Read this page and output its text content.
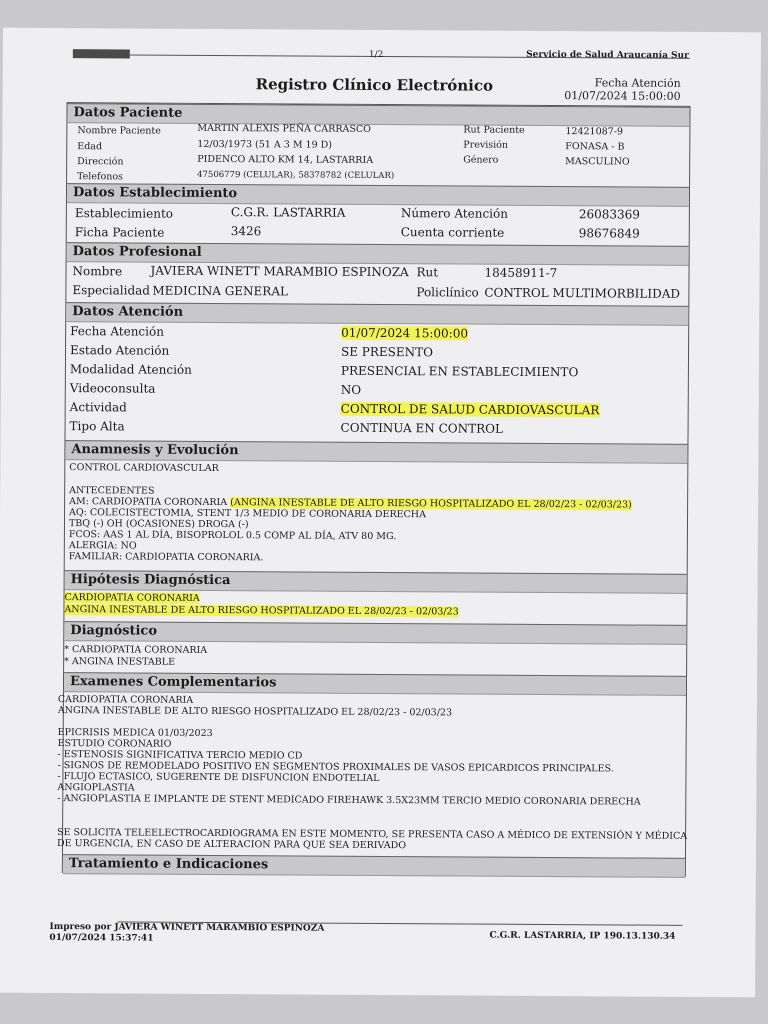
1/2	Servicio de Salud Araucanía Sur
Registro Clínico Electrónico	Fecha Atención
01/07/2024 15:00:00
Datos Paciente
Nombre Paciente	MARTIN ALEXIS PEÑA CARRASCO
Edad	12/03/1973 (51 A 3 M 19 D)
Dirección	PIDENCO ALTO KM 14, LASTARRIA
Telefonos	47506779 (CELULAR), 58378782 (CELULAR)
Rut Paciente	12421087-9
Previsión	FONASA - B
Género	MASCULINO
Datos Establecimiento
Establecimiento	C.G.R. LASTARRIA
Ficha Paciente	3426
Número Atención	26083369
Cuenta corriente	98676849
Datos Profesional
Nombre JAVIERA WINETT MARAMBIO ESPINOZA Rut	18458911-7
Especialidad MEDICINA GENERAL	Policlínico CONTROL MULTIMORBILIDAD
Datos Atención
Fecha Atención	01/07/2024 15:00:00
Estado Atención	SE PRESENTO
Modalidad Atención	PRESENCIAL EN ESTABLECIMIENTO
Videoconsulta	NO
Actividad	CONTROL DE SALUD CARDIOVASCULAR
Tipo Alta	CONTINUA EN CONTROL
Anamnesis y Evolución
CONTROL CARDIOVASCULAR
ANTECEDENTES
AM: CARDIOPATIA CORONARIA (ANGINA INESTABLE DE ALTO RIESGO HOSPITALIZADO EL 28/02/23 - 02/03/23)
AQ: COLECISTECTOMIA, STENT 1/3 MEDIO DE CORONARIA DERECHA
TBQ (-) OH (OCASIONES) DROGA (-)
FCOS: AAS 1 AL DÍA, BISOPROLOL 0.5 COMP AL DÍA, ATV 80 MG.
ALERGIA: NO
FAMILIAR: CARDIOPATIA CORONARIA.
Hipótesis Diagnóstica
CARDIOPATIA CORONARIA
ANGINA INESTABLE DE ALTO RIESGO HOSPITALIZADO EL 28/02/23 - 02/03/23
Diagnóstico
* CARDIOPATIA CORONARIA
* ANGINA INESTABLE
Examenes Complementarios
CARDIOPATIA CORONARIA
ANGINA INESTABLE DE ALTO RIESGO HOSPITALIZADO EL 28/02/23 - 02/03/23

EPICRISIS MEDICA 01/03/2023
ESTUDIO CORONARIO
- ESTENOSIS SIGNIFICATIVA TERCIO MEDIO CD
- SIGNOS DE REMODELADO POSITIVO EN SEGMENTOS PROXIMALES DE VASOS EPICARDICOS PRINCIPALES.
- FLUJO ECTASICO, SUGERENTE DE DISFUNCION ENDOTELIAL
ANGIOPLASTIA
- ANGIOPLASTIA E IMPLANTE DE STENT MEDICADO FIREHAWK 3.5X23MM TERCIO MEDIO CORONARIA DERECHA
SE SOLICITA TELEELECTROCARDIOGRAMA EN ESTE MOMENTO, SE PRESENTA CASO A MÉDICO DE EXTENSIÓN Y MÉDICA
DE URGENCIA, EN CASO DE ALTERACION PARA QUE SEA DERIVADO
Tratamiento e Indicaciones
Impreso por JAVIERA WINETT MARAMBIO ESPINOZA
01/07/2024 15:37:41	C.G.R. LASTARRIA, IP 190.13.130.34
